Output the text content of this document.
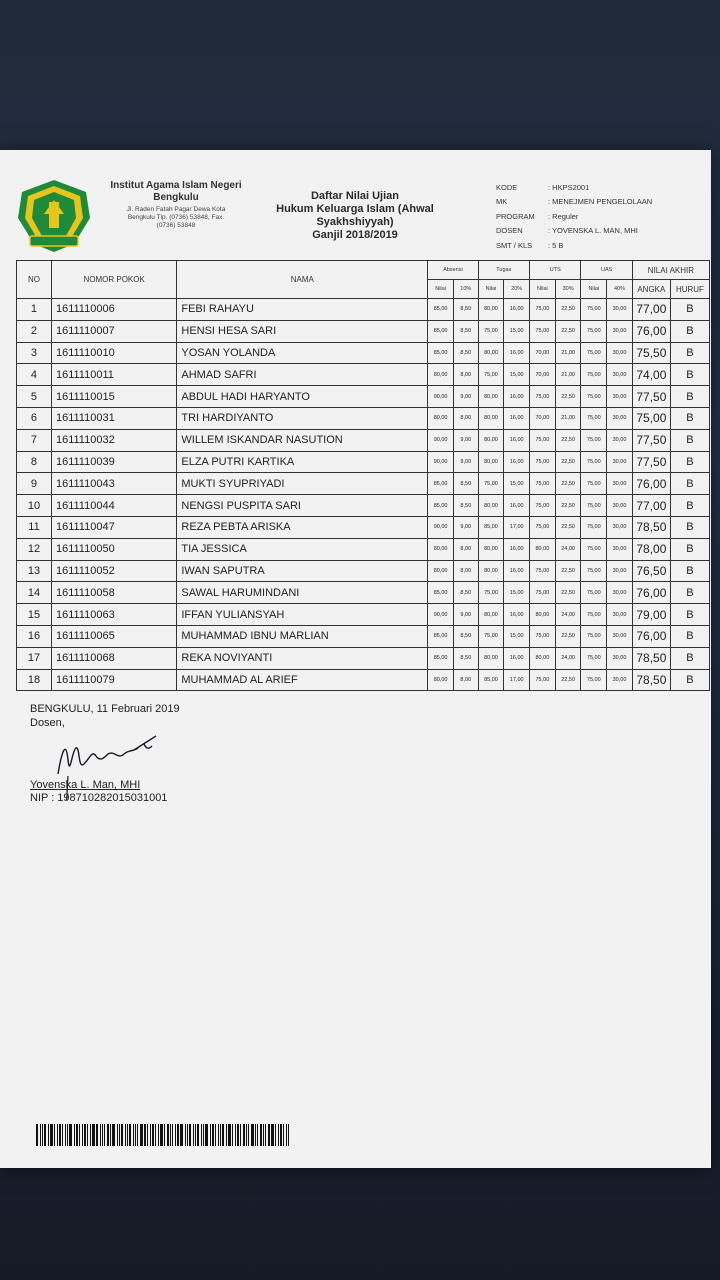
Institut Agama Islam Negeri
Bengkulu
Jl. Raden Fatah Pagar Dewa Kota
Bengkulu Tlp. (0736) 53848, Fax.
(0736) 53848
Daftar Nilai Ujian
Hukum Keluarga Islam (Ahwal
Syakhshiyyah)
Ganjil 2018/2019
KODE	: HKPS2001
MK	: MENEJMEN PENGELOLAAN
PROGRAM	: Reguler
DOSEN	: YOVENSKA L. MAN, MHI
SMT / KLS	: 5 B
NO	NOMOR POKOK	NAMA	Absensi		Tugas		UTS		UAS		NILAI AKHIR	
			Nilai	10%	Nilai	20%	Nilai	30%	Nilai	40%	ANGKA	HURUF
1	1611110006	FEBI RAHAYU	85,00	8,50	80,00	16,00	75,00	22,50	75,00	30,00	77,00	B
2	1611110007	HENSI HESA SARI	85,00	8,50	75,00	15,00	75,00	22,50	75,00	30,00	76,00	B
3	1611110010	YOSAN YOLANDA	85,00	8,50	80,00	16,00	70,00	21,00	75,00	30,00	75,50	B
4	1611110011	AHMAD SAFRI	80,00	8,00	75,00	15,00	70,00	21,00	75,00	30,00	74,00	B
5	1611110015	ABDUL HADI HARYANTO	90,00	9,00	80,00	16,00	75,00	22,50	75,00	30,00	77,50	B
6	1611110031	TRI HARDIYANTO	80,00	8,00	80,00	16,00	70,00	21,00	75,00	30,00	75,00	B
7	1611110032	WILLEM ISKANDAR NASUTION	90,00	9,00	80,00	16,00	75,00	22,50	75,00	30,00	77,50	B
8	1611110039	ELZA PUTRI KARTIKA	90,00	9,00	80,00	16,00	75,00	22,50	75,00	30,00	77,50	B
9	1611110043	MUKTI SYUPRIYADI	85,00	8,50	75,00	15,00	75,00	22,50	75,00	30,00	76,00	B
10	1611110044	NENGSI PUSPITA SARI	85,00	8,50	80,00	16,00	75,00	22,50	75,00	30,00	77,00	B
11	1611110047	REZA PEBTA ARISKA	90,00	9,00	85,00	17,00	75,00	22,50	75,00	30,00	78,50	B
12	1611110050	TIA JESSICA	80,00	8,00	80,00	16,00	80,00	24,00	75,00	30,00	78,00	B
13	1611110052	IWAN SAPUTRA	80,00	8,00	80,00	16,00	75,00	22,50	75,00	30,00	76,50	B
14	1611110058	SAWAL HARUMINDANI	85,00	8,50	75,00	15,00	75,00	22,50	75,00	30,00	76,00	B
15	1611110063	IFFAN YULIANSYAH	90,00	9,00	80,00	16,00	80,00	24,00	75,00	30,00	79,00	B
16	1611110065	MUHAMMAD IBNU MARLIAN	85,00	8,50	75,00	15,00	75,00	22,50	75,00	30,00	76,00	B
17	1611110068	REKA NOVIYANTI	85,00	8,50	80,00	16,00	80,00	24,00	75,00	30,00	78,50	B
18	1611110079	MUHAMMAD AL ARIEF	80,00	8,00	85,00	17,00	75,00	22,50	75,00	30,00	78,50	B
BENGKULU, 11 Februari 2019
Dosen,
Yovenska L. Man, MHI
NIP : 198710282015031001
